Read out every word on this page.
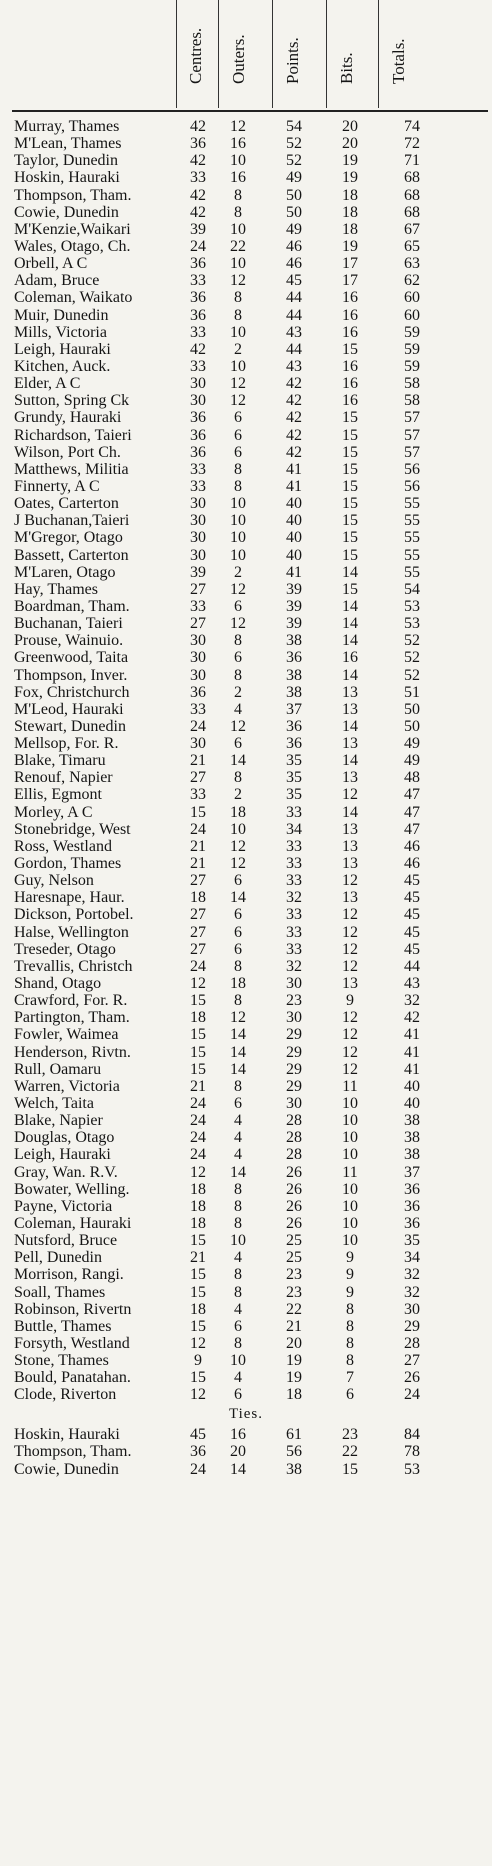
Centres. Outers. Points. Bits. Totals.
Murray, Thames	42	12	54	20	74
M'Lean, Thames	36	16	52	20	72
Taylor, Dunedin	42	10	52	19	71
Hoskin, Hauraki	33	16	49	19	68
Thompson, Tham.	42	8	50	18	68
Cowie, Dunedin	42	8	50	18	68
M'Kenzie,Waikari	39	10	49	18	67
Wales, Otago, Ch.	24	22	46	19	65
Orbell, A C	36	10	46	17	63
Adam, Bruce	33	12	45	17	62
Coleman, Waikato	36	8	44	16	60
Muir, Dunedin	36	8	44	16	60
Mills, Victoria	33	10	43	16	59
Leigh, Hauraki	42	2	44	15	59
Kitchen, Auck.	33	10	43	16	59
Elder, A C	30	12	42	16	58
Sutton, Spring Ck	30	12	42	16	58
Grundy, Hauraki	36	6	42	15	57
Richardson, Taieri	36	6	42	15	57
Wilson, Port Ch.	36	6	42	15	57
Matthews, Militia	33	8	41	15	56
Finnerty, A C	33	8	41	15	56
Oates, Carterton	30	10	40	15	55
J Buchanan,Taieri	30	10	40	15	55
M'Gregor, Otago	30	10	40	15	55
Bassett, Carterton	30	10	40	15	55
M'Laren, Otago	39	2	41	14	55
Hay, Thames	27	12	39	15	54
Boardman, Tham.	33	6	39	14	53
Buchanan, Taieri	27	12	39	14	53
Prouse, Wainuio.	30	8	38	14	52
Greenwood, Taita	30	6	36	16	52
Thompson, Inver.	30	8	38	14	52
Fox, Christchurch	36	2	38	13	51
M'Leod, Hauraki	33	4	37	13	50
Stewart, Dunedin	24	12	36	14	50
Mellsop, For. R.	30	6	36	13	49
Blake, Timaru	21	14	35	14	49
Renouf, Napier	27	8	35	13	48
Ellis, Egmont	33	2	35	12	47
Morley, A C	15	18	33	14	47
Stonebridge, West	24	10	34	13	47
Ross, Westland	21	12	33	13	46
Gordon, Thames	21	12	33	13	46
Guy, Nelson	27	6	33	12	45
Haresnape, Haur.	18	14	32	13	45
Dickson, Portobel.	27	6	33	12	45
Halse, Wellington	27	6	33	12	45
Treseder, Otago	27	6	33	12	45
Trevallis, Christch	24	8	32	12	44
Shand, Otago	12	18	30	13	43
Crawford, For. R.	15	8	23	9	32
Partington, Tham.	18	12	30	12	42
Fowler, Waimea	15	14	29	12	41
Henderson, Rivtn.	15	14	29	12	41
Rull, Oamaru	15	14	29	12	41
Warren, Victoria	21	8	29	11	40
Welch, Taita	24	6	30	10	40
Blake, Napier	24	4	28	10	38
Douglas, Otago	24	4	28	10	38
Leigh, Hauraki	24	4	28	10	38
Gray, Wan. R.V.	12	14	26	11	37
Bowater, Welling.	18	8	26	10	36
Payne, Victoria	18	8	26	10	36
Coleman, Hauraki	18	8	26	10	36
Nutsford, Bruce	15	10	25	10	35
Pell, Dunedin	21	4	25	9	34
Morrison, Rangi.	15	8	23	9	32
Soall, Thames	15	8	23	9	32
Robinson, Rivertn	18	4	22	8	30
Buttle, Thames	15	6	21	8	29
Forsyth, Westland	12	8	20	8	28
Stone, Thames	9	10	19	8	27
Bould, Panatahan.	15	4	19	7	26
Clode, Riverton	12	6	18	6	24
Ties.
Hoskin, Hauraki	45	16	61	23	84
Thompson, Tham.	36	20	56	22	78
Cowie, Dunedin	24	14	38	15	53
